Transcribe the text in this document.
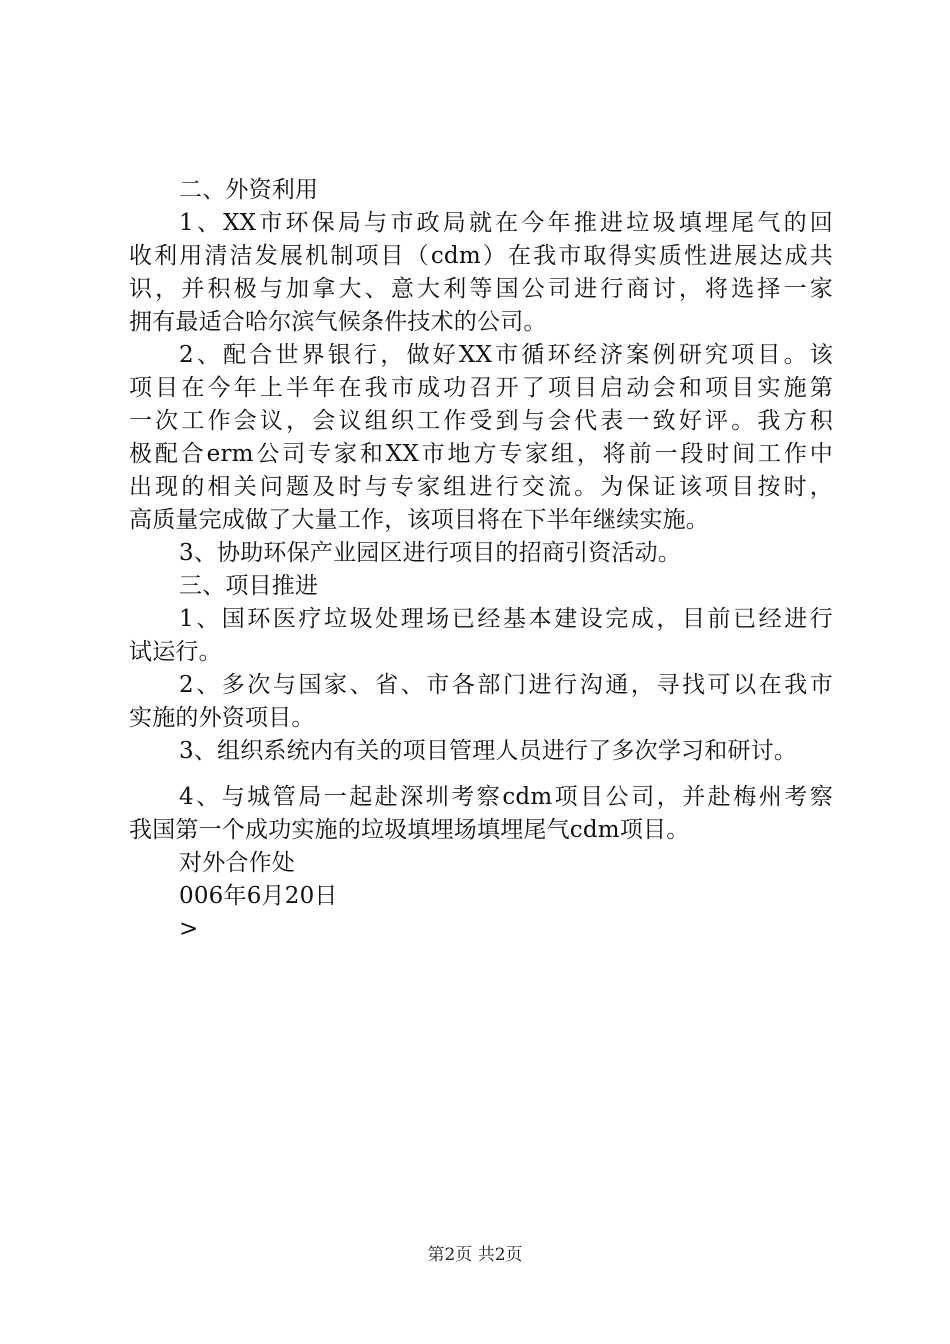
二、外资利用
1、XX市环保局与市政局就在今年推进垃圾填埋尾气的回
收利用清洁发展机制项目（cdm）在我市取得实质性进展达成共
识，并积极与加拿大、意大利等国公司进行商讨，将选择一家
拥有最适合哈尔滨气候条件技术的公司。
2、配合世界银行，做好XX市循环经济案例研究项目。该
项目在今年上半年在我市成功召开了项目启动会和项目实施第
一次工作会议，会议组织工作受到与会代表一致好评。我方积
极配合erm公司专家和XX市地方专家组，将前一段时间工作中
出现的相关问题及时与专家组进行交流。为保证该项目按时，
高质量完成做了大量工作，该项目将在下半年继续实施。
3、协助环保产业园区进行项目的招商引资活动。
三、项目推进
1、国环医疗垃圾处理场已经基本建设完成，目前已经进行
试运行。
2、多次与国家、省、市各部门进行沟通，寻找可以在我市
实施的外资项目。
3、组织系统内有关的项目管理人员进行了多次学习和研讨。
4、与城管局一起赴深圳考察cdm项目公司，并赴梅州考察
我国第一个成功实施的垃圾填埋场填埋尾气cdm项目。
对外合作处
006年6月20日
>
第2页 共2页
